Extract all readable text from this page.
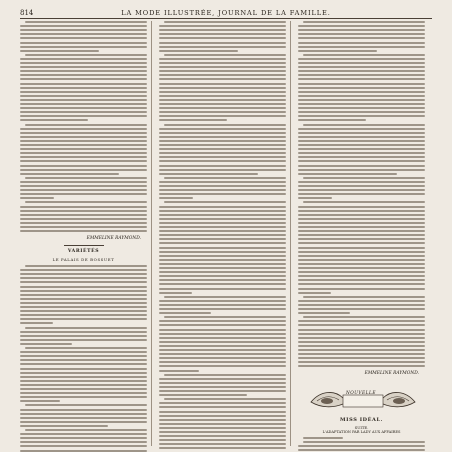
814	LA MODE ILLUSTRÉE, JOURNAL DE LA FAMILLE.
EMMELINE RAYMOND.
VARIÉTÉS
LE PALAIS DE BOSSUET
EMMELINE RAYMOND.
NOUVELLE
MISS IDÉAL.
SUITE.
L'ADAPTATION PAR LADY AUX AFFAIRES
